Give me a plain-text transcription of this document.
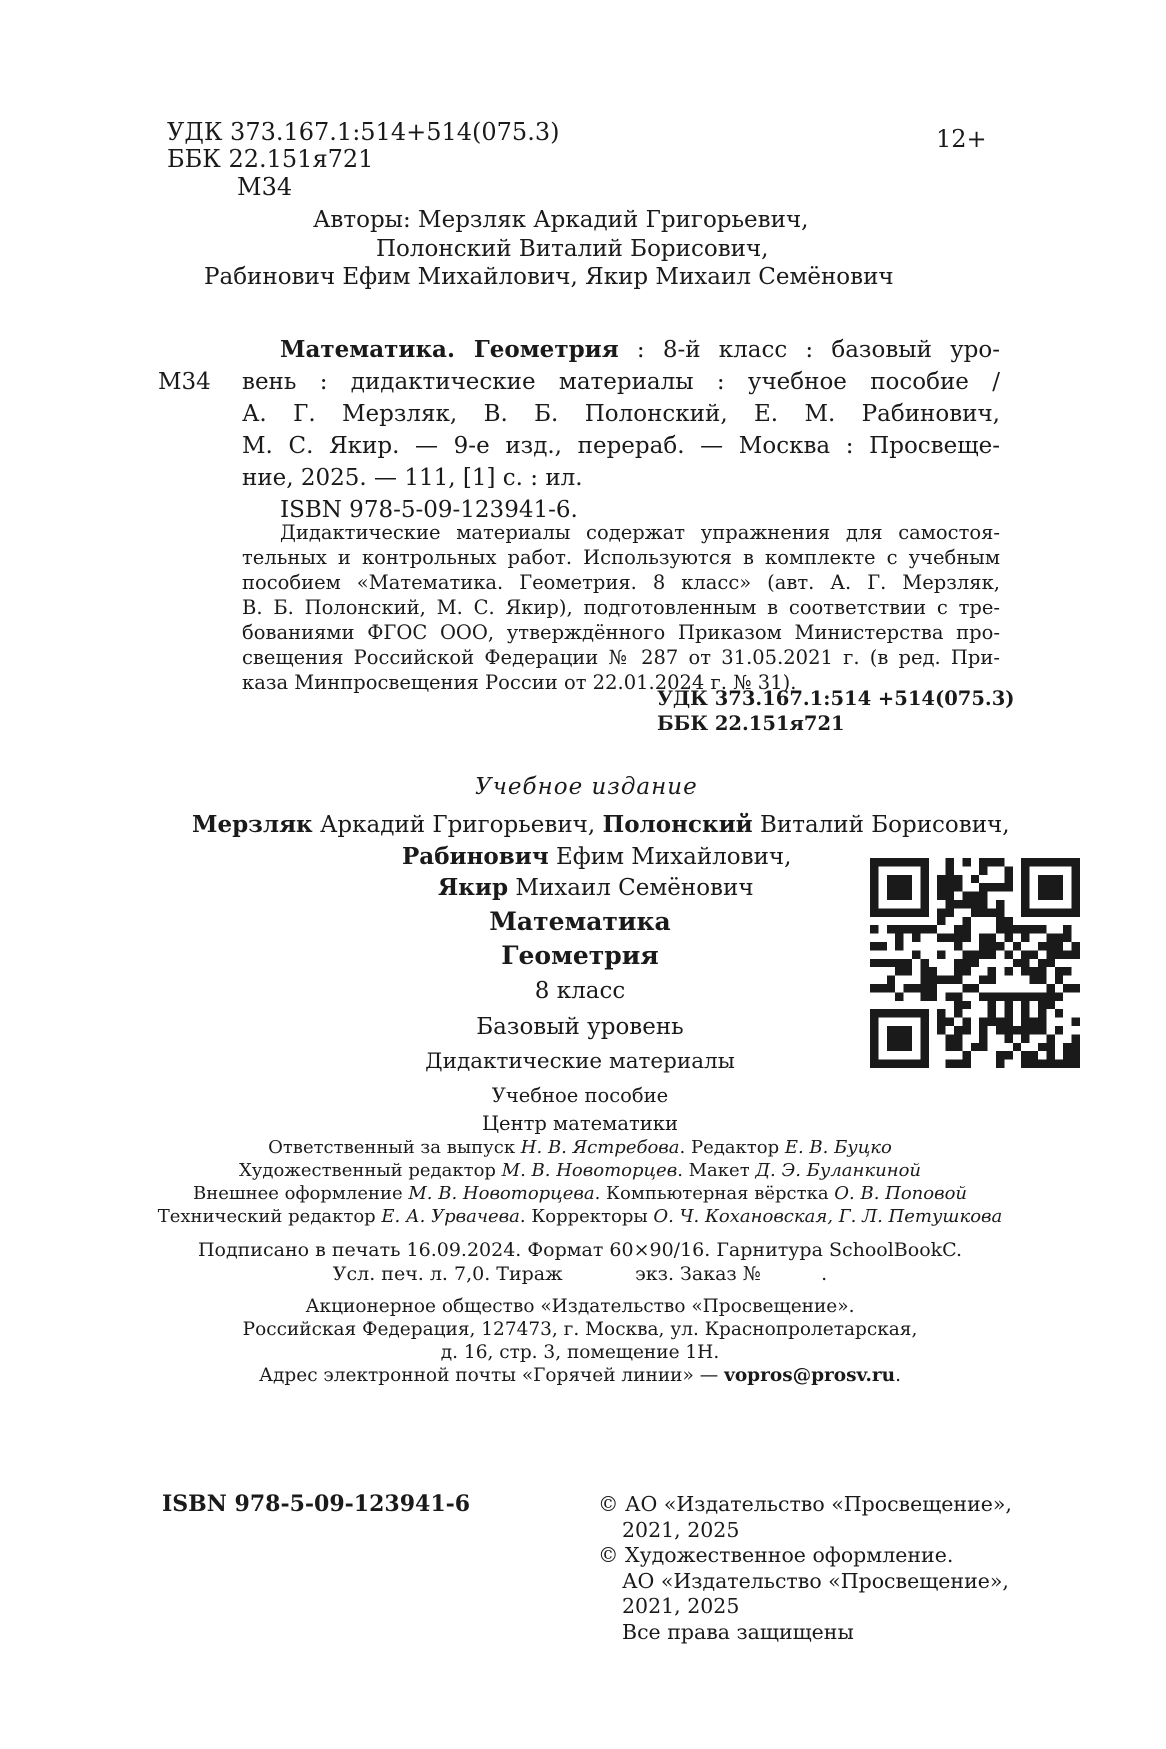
УДК 373.167.1:514+514(075.3)
ББК 22.151я721
М34
12+
Авторы: Мерзляк Аркадий Григорьевич,
Полонский Виталий Борисович,
Рабинович Ефим Михайлович, Якир Михаил Семёнович
М34
Математика. Геометрия : 8-й класс : базовый уро-
вень : дидактические материалы : учебное пособие /
А. Г. Мерзляк, В. Б. Полонский, Е. М. Рабинович,
М. С. Якир. — 9-е изд., перераб. — Москва : Просвеще-
ние, 2025. — 111, [1] с. : ил.
ISBN 978-5-09-123941-6.
Дидактические материалы содержат упражнения для самостоя-
тельных и контрольных работ. Используются в комплекте с учебным
пособием «Математика. Геометрия. 8 класс» (авт. А. Г. Мерзляк,
В. Б. Полонский, М. С. Якир), подготовленным в соответствии с тре-
бованиями ФГОС ООО, утверждённого Приказом Министерства про-
свещения Российской Федерации № 287 от 31.05.2021 г. (в ред. При-
каза Минпросвещения России от 22.01.2024 г. № 31).
УДК 373.167.1:514 +514(075.3)
ББК 22.151я721
Учебное издание
Мерзляк Аркадий Григорьевич, Полонский Виталий Борисович,
Рабинович Ефим Михайлович,
Якир Михаил Семёнович
Математика
Геометрия
8 класс
Базовый уровень
Дидактические материалы
Учебное пособие
Центр математики
Ответственный за выпуск Н. В. Ястребова. Редактор Е. В. Буцко
Художественный редактор М. В. Новоторцев. Макет Д. Э. Буланкиной
Внешнее оформление М. В. Новоторцева. Компьютерная вёрстка О. В. Поповой
Технический редактор Е. А. Урвачева. Корректоры О. Ч. Кохановская, Г. Л. Петушкова
Подписано в печать 16.09.2024. Формат 60×90/16. Гарнитура SchoolBookC.
Усл. печ. л. 7,0. Тираж            экз. Заказ №          .
Акционерное общество «Издательство «Просвещение».
Российская Федерация, 127473, г. Москва, ул. Краснопролетарская,
д. 16, стр. 3, помещение 1Н.
Адрес электронной почты «Горячей линии» — vopros@prosv.ru.
ISBN 978-5-09-123941-6	© АО «Издательство «Просвещение»,
2021, 2025
© Художественное оформление.
АО «Издательство «Просвещение»,
2021, 2025
Все права защищены
